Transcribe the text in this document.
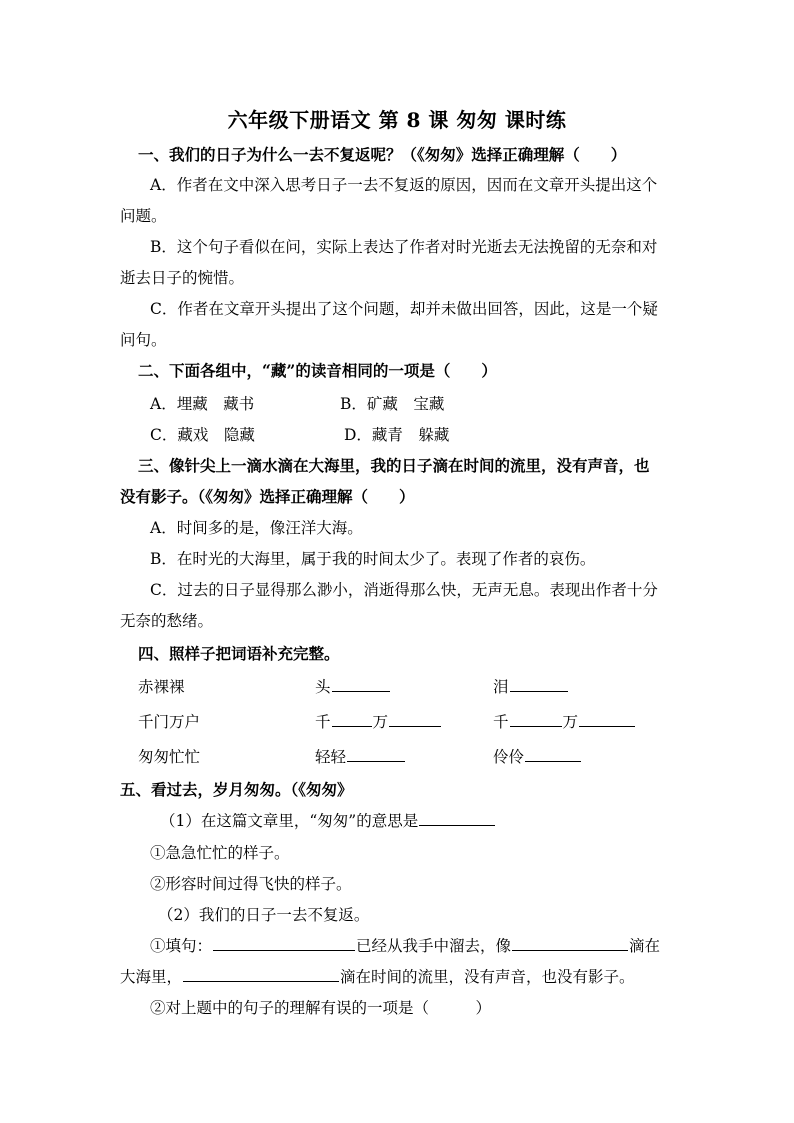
六年级下册语文 第 8 课 匆匆 课时练
一、我们的日子为什么一去不复返呢？（《匆匆》选择正确理解（　　）
A．作者在文中深入思考日子一去不复返的原因，因而在文章开头提出这个
问题。
B．这个句子看似在问，实际上表达了作者对时光逝去无法挽留的无奈和对
逝去日子的惋惜。
C．作者在文章开头提出了这个问题，却并未做出回答，因此，这是一个疑
问句。
二、下面各组中，“藏”的读音相同的一项是（　　）
A．埋藏　藏书	B．矿藏　宝藏
C．藏戏　隐藏	D．藏青　躲藏
三、像针尖上一滴水滴在大海里，我的日子滴在时间的流里，没有声音，也
没有影子。（《匆匆》选择正确理解（　　）
A．时间多的是，像汪洋大海。
B．在时光的大海里，属于我的时间太少了。表现了作者的哀伤。
C．过去的日子显得那么渺小，消逝得那么快，无声无息。表现出作者十分
无奈的愁绪。
四、照样子把词语补充完整。
赤裸裸	头	泪
千门万户	千	万	千	万
匆匆忙忙	轻轻	伶伶
五、看过去，岁月匆匆。（《匆匆》
（1）在这篇文章里，“匆匆”的意思是
①急急忙忙的样子。
②形容时间过得飞快的样子。
（2）我们的日子一去不复返。
①填句：	已经从我手中溜去，像	滴在
大海里，	滴在时间的流里，没有声音，也没有影子。
②对上题中的句子的理解有误的一项是（　　　）
